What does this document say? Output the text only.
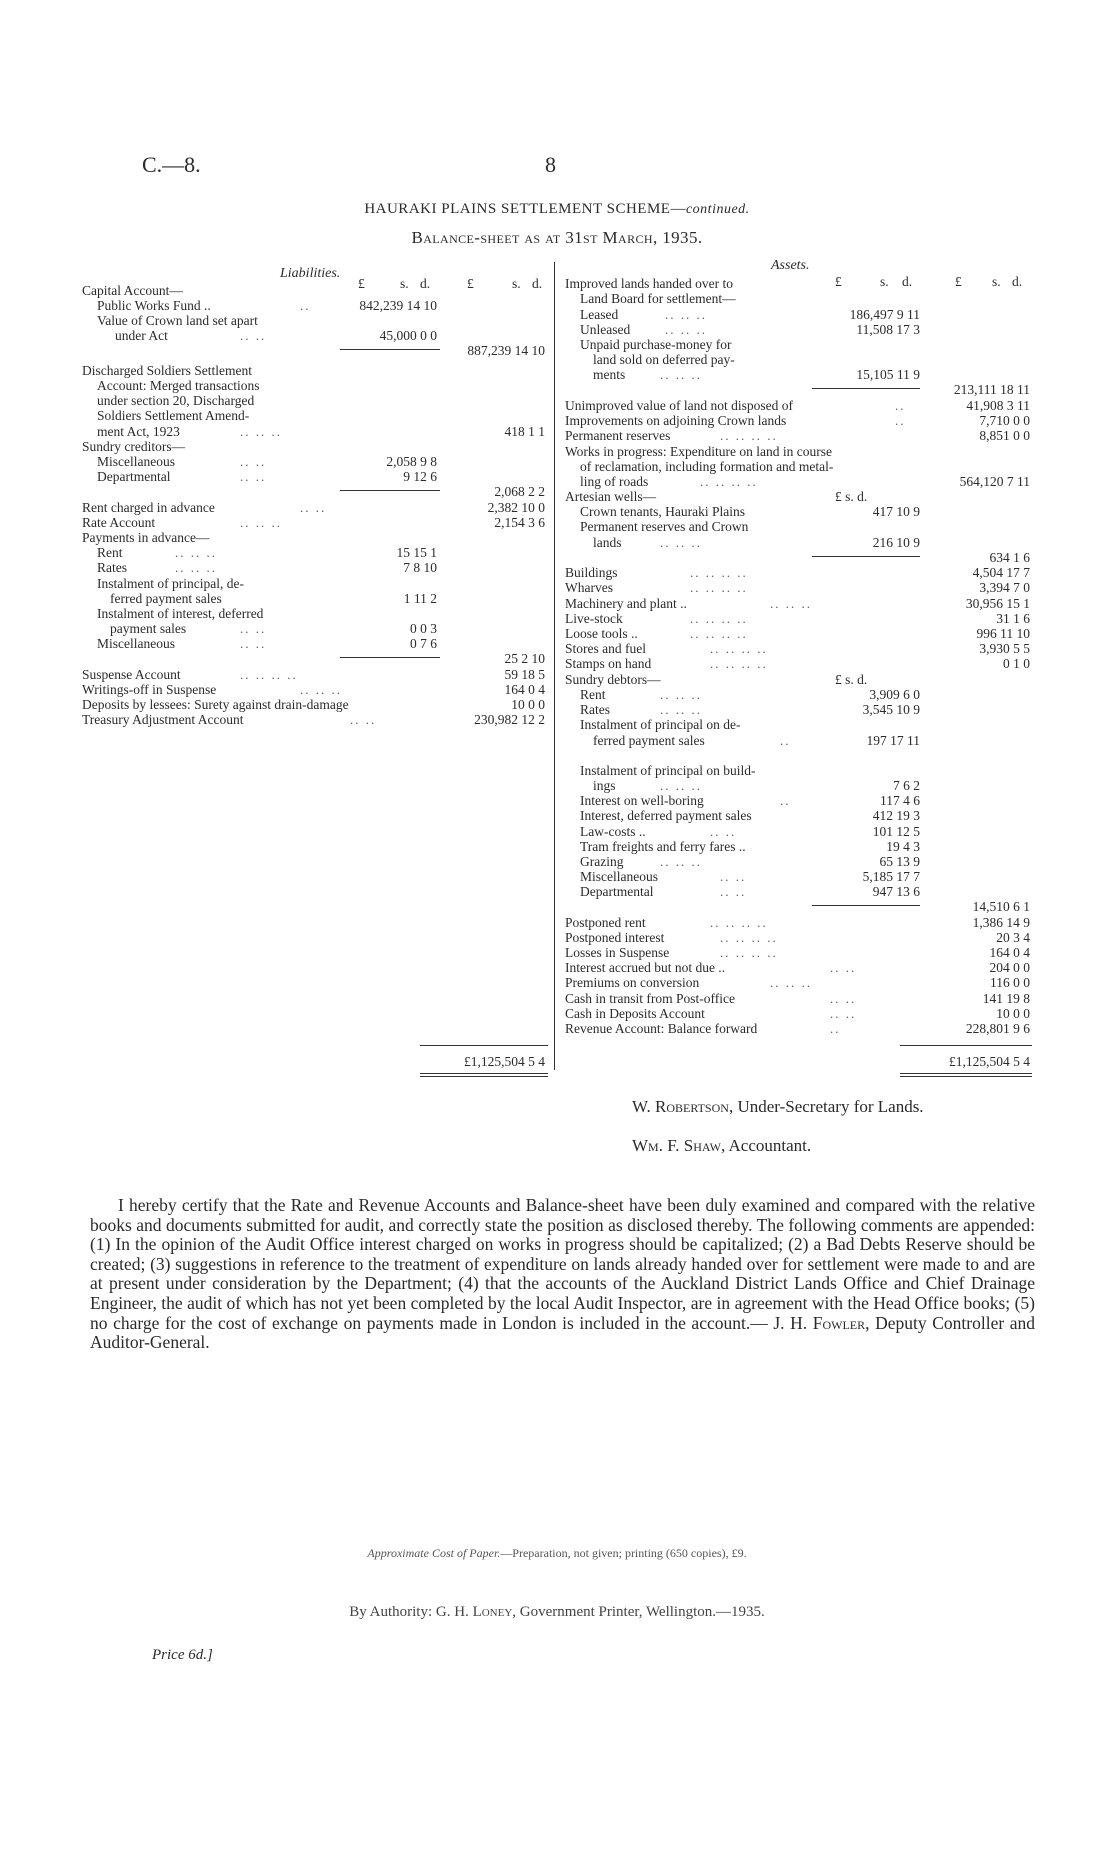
C.—8.	8
HAURAKI PLAINS SETTLEMENT SCHEME—continued.
Balance-sheet as at 31st March, 1935.
Liabilities.
£	s. d.	£	s. d.
Capital Account—
Public Works Fund ..	..	842,239 14 10
Value of Crown land set apart
under Act	.. ..	45,000 0 0
887,239 14 10
Discharged Soldiers Settlement
Account: Merged transactions
under section 20, Discharged
Soldiers Settlement Amend-
ment Act, 1923	.. .. ..	418 1 1
Sundry creditors—
Miscellaneous	.. ..	2,058 9 8
Departmental	.. ..	9 12 6
2,068 2 2
Rent charged in advance	.. ..	2,382 10 0
Rate Account	.. .. ..	2,154 3 6
Payments in advance—
Rent	.. .. ..	15 15 1
Rates	.. .. ..	7 8 10
Instalment of principal, de-
ferred payment sales	1 11 2
Instalment of interest, deferred
payment sales	.. ..	0 0 3
Miscellaneous	.. ..	0 7 6
25 2 10
Suspense Account	.. .. .. ..	59 18 5
Writings-off in Suspense	.. .. ..	164 0 4
Deposits by lessees: Surety against drain-damage	10 0 0
Treasury Adjustment Account	.. ..	230,982 12 2
£1,125,504 5 4
Assets.
£	s. d.	£ s. d.
Improved lands handed over to
Land Board for settlement—
Leased	.. .. ..	186,497 9 11
Unleased	.. .. ..	11,508 17 3
Unpaid purchase-money for
land sold on deferred pay-
ments	.. .. ..	15,105 11 9
213,111 18 11
Unimproved value of land not disposed of	..	41,908 3 11
Improvements on adjoining Crown lands	..	7,710 0 0
Permanent reserves	.. .. .. ..	8,851 0 0
Works in progress: Expenditure on land in course
of reclamation, including formation and metal-
ling of roads	.. .. .. ..	564,120 7 11
Artesian wells—	£ s. d.
Crown tenants, Hauraki Plains	417 10 9
Permanent reserves and Crown
lands	.. .. ..	216 10 9
634 1 6
Buildings	.. .. .. ..	4,504 17 7
Wharves	.. .. .. ..	3,394 7 0
Machinery and plant ..	.. .. ..	30,956 15 1
Live-stock	.. .. .. ..	31 1 6
Loose tools ..	.. .. .. ..	996 11 10
Stores and fuel	.. .. .. ..	3,930 5 5
Stamps on hand	.. .. .. ..	0 1 0
Sundry debtors—	£ s. d.
Rent	.. .. ..	3,909 6 0
Rates	.. .. ..	3,545 10 9
Instalment of principal on de-
ferred payment sales	..	197 17 11
Instalment of principal on build-
ings	.. .. ..	7 6 2
Interest on well-boring	..	117 4 6
Interest, deferred payment sales	412 19 3
Law-costs ..	.. ..	101 12 5
Tram freights and ferry fares ..	19 4 3
Grazing	.. .. ..	65 13 9
Miscellaneous	.. ..	5,185 17 7
Departmental	.. ..	947 13 6
14,510 6 1
Postponed rent	.. .. .. ..	1,386 14 9
Postponed interest	.. .. .. ..	20 3 4
Losses in Suspense	.. .. .. ..	164 0 4
Interest accrued but not due ..	.. ..	204 0 0
Premiums on conversion	.. .. ..	116 0 0
Cash in transit from Post-office	.. ..	141 19 8
Cash in Deposits Account	.. ..	10 0 0
Revenue Account: Balance forward	..	228,801 9 6
£1,125,504 5 4
W. Robertson, Under-Secretary for Lands.
Wm. F. Shaw, Accountant.
I hereby certify that the Rate and Revenue Accounts and Balance-sheet have been duly examined and compared with the relative books and documents submitted for audit, and correctly state the position as disclosed thereby. The following comments are appended: (1) In the opinion of the Audit Office interest charged on works in progress should be capitalized; (2) a Bad Debts Reserve should be created; (3) suggestions in reference to the treatment of expenditure on lands already handed over for settlement were made to and are at present under consideration by the Department; (4) that the accounts of the Auckland District Lands Office and Chief Drainage Engineer, the audit of which has not yet been completed by the local Audit Inspector, are in agreement with the Head Office books; (5) no charge for the cost of exchange on payments made in London is included in the account.— J. H. Fowler, Deputy Controller and Auditor-General.
Approximate Cost of Paper.—Preparation, not given; printing (650 copies), £9.
By Authority: G. H. Loney, Government Printer, Wellington.—1935.
Price 6d.]
